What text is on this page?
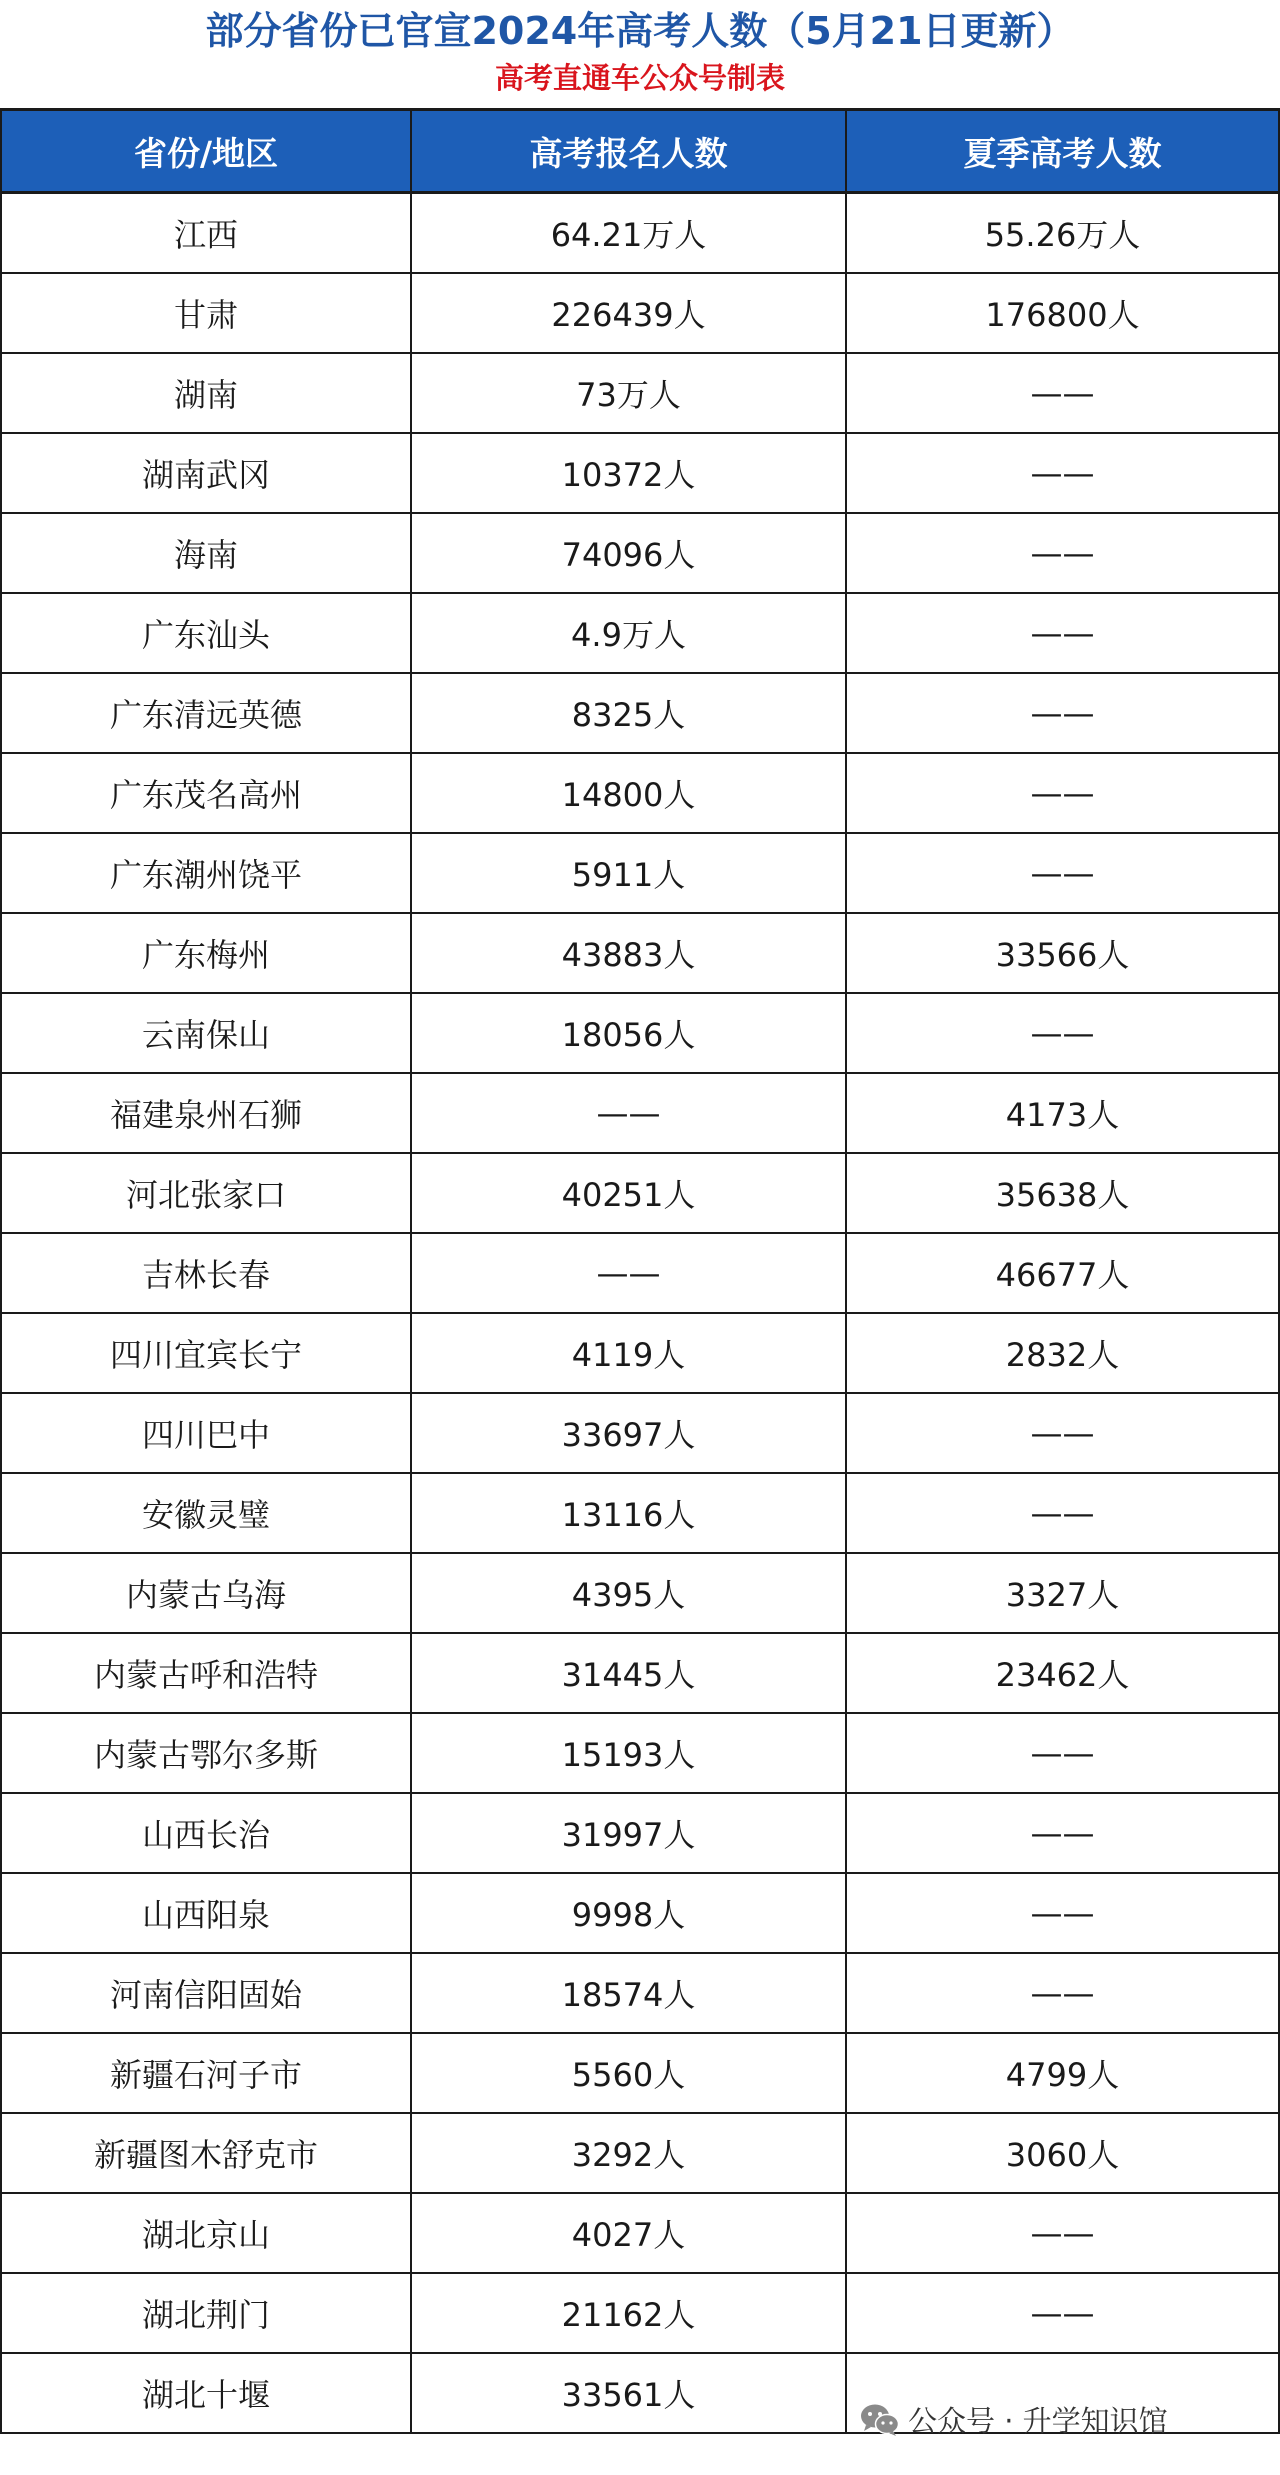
部分省份已官宣2024年高考人数（5月21日更新）
高考直通车公众号制表
省份/地区	高考报名人数	夏季高考人数
江西	64.21万人	55.26万人
甘肃	226439人	176800人
湖南	73万人	——
湖南武冈	10372人	——
海南	74096人	——
广东汕头	4.9万人	——
广东清远英德	8325人	——
广东茂名高州	14800人	——
广东潮州饶平	5911人	——
广东梅州	43883人	33566人
云南保山	18056人	——
福建泉州石狮	——	4173人
河北张家口	40251人	35638人
吉林长春	——	46677人
四川宜宾长宁	4119人	2832人
四川巴中	33697人	——
安徽灵璧	13116人	——
内蒙古乌海	4395人	3327人
内蒙古呼和浩特	31445人	23462人
内蒙古鄂尔多斯	15193人	——
山西长治	31997人	——
山西阳泉	9998人	——
河南信阳固始	18574人	——
新疆石河子市	5560人	4799人
新疆图木舒克市	3292人	3060人
湖北京山	4027人	——
湖北荆门	21162人	——
湖北十堰	33561人	
公众号 · 升学知识馆
